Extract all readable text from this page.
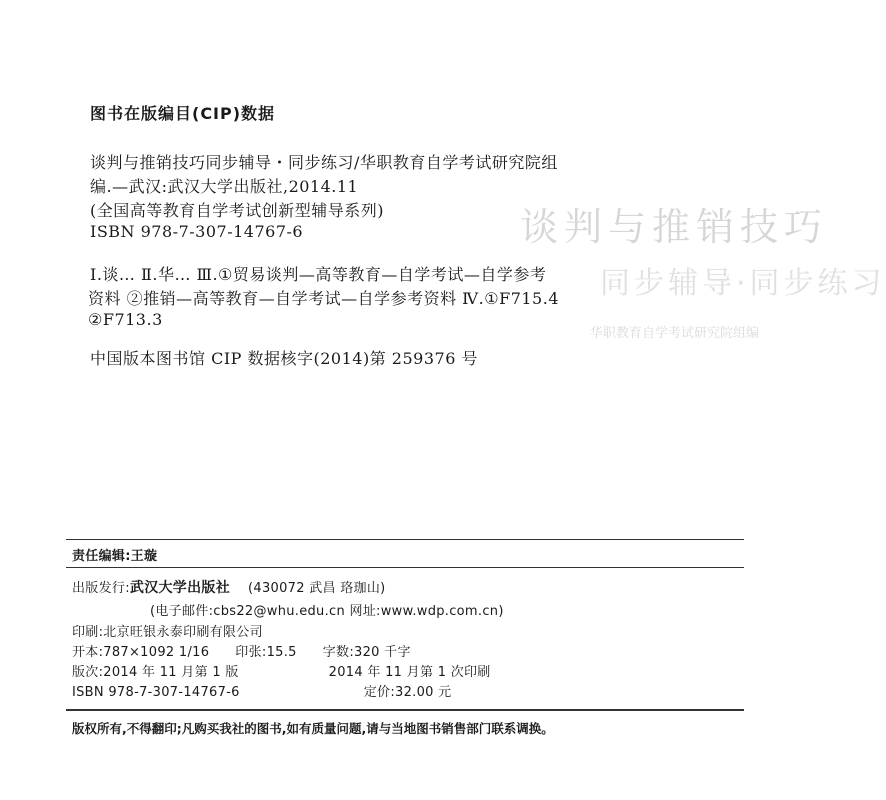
谈判与推销技巧
同步辅导·同步练习
华职教育自学考试研究院组编
图书在版编目(CIP)数据
谈判与推销技巧同步辅导・同步练习/华职教育自学考试研究院组
编.—武汉:武汉大学出版社,2014.11
(全国高等教育自学考试创新型辅导系列)
ISBN 978-7-307-14767-6
Ⅰ.谈… Ⅱ.华… Ⅲ.①贸易谈判—高等教育—自学考试—自学参考
资料 ②推销—高等教育—自学考试—自学参考资料 Ⅳ.①F715.4
②F713.3
中国版本图书馆 CIP 数据核字(2014)第 259376 号
责任编辑:王璇
出版发行:武汉大学出版社 (430072 武昌 珞珈山)
(电子邮件:cbs22@whu.edu.cn 网址:www.wdp.com.cn)
印刷:北京旺银永泰印刷有限公司
开本:787×1092 1/16 印张:15.5 字数:320 千字
版次:2014 年 11 月第 1 版	2014 年 11 月第 1 次印刷
ISBN 978-7-307-14767-6	定价:32.00 元
版权所有,不得翻印;凡购买我社的图书,如有质量问题,请与当地图书销售部门联系调换。
